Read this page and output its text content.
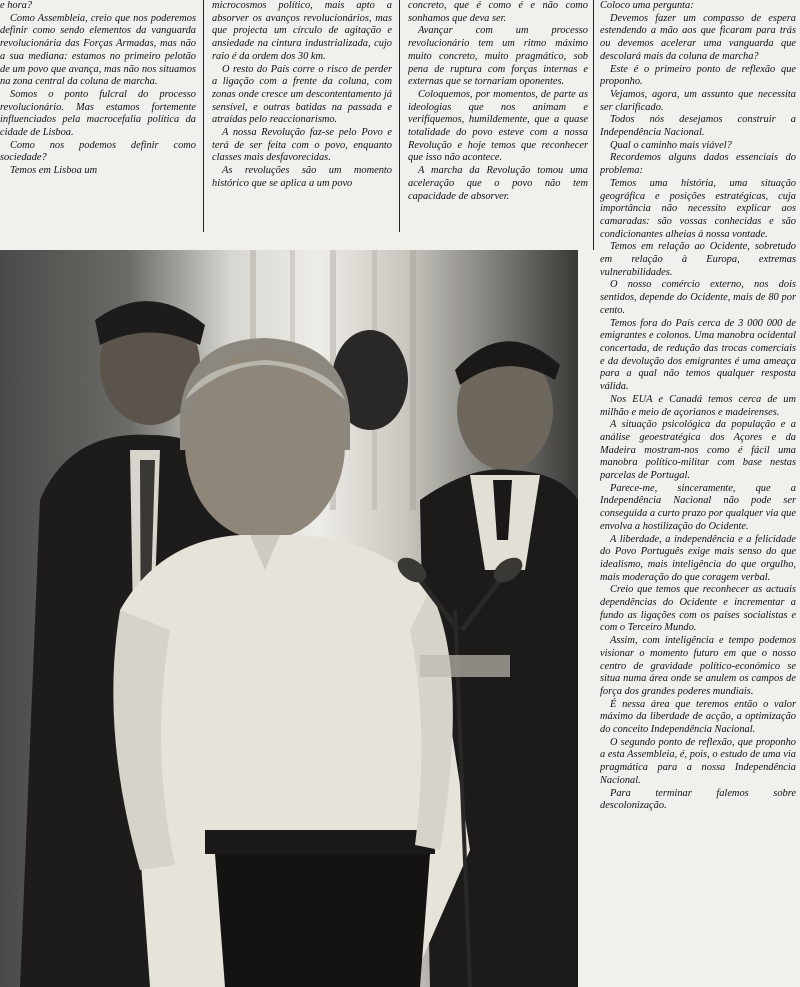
e hora?

Como Assembleia, creio que nos poderemos definir como sendo elementos da vanguarda revolucionária das Forças Armadas, mas não a sua mediana: estamos no primeiro pelotão de um povo que avança, mas não nos situamos na zona central da coluna de marcha.

Somos o ponto fulcral do processo revolucionário. Mas estamos fortemente influenciados pela macrocefalia política da cidade de Lisboa.

Como nos podemos definir como sociedade?

Temos em Lisboa um

microcosmos político, mais apto a absorver os avanços revolucionários, mas que projecta um círculo de agitação e ansiedade na cintura industrializada, cujo raio é da ordem dos 30 km.

O resto do País corre o risco de perder a ligação com a frente da coluna, com zonas onde cresce um descontentamento já sensível, e outras batidas na passada e atraídas pelo reaccionarismo.

A nossa Revolução faz-se pelo Povo e terá de ser feita com o povo, enquanto classes mais desfavorecidas.

As revoluções são um momento histórico que se aplica a um povo

concreto, que é como é e não como sonhamos que deva ser.

Avançar com um processo revolucionário tem um ritmo máximo muito concreto, muito pragmático, sob pena de ruptura com forças internas e externas que se tornariam oponentes.

Coloquemos, por momentos, de parte as ideologias que nos animam e verifiquemos, humildemente, que a quase totalidade do povo esteve com a nossa Revolução e hoje temos que reconhecer que isso não acontece.

A marcha da Revolução tomou uma aceleração que o povo não tem capacidade de absorver.

Coloco uma pergunta:

Devemos fazer um compasso de espera estendendo a mão aos que ficaram para trás ou devemos acelerar uma vanguarda que descolará mais da coluna de marcha?

Este é o primeiro ponto de reflexão que proponho.

Vejamos, agora, um assunto que necessita ser clarificado.

Todos nós desejamos construir a Independência Nacional.

Qual o caminho mais viável?

Recordemos alguns dados essenciais do problema:

Temos uma história, uma situação geográfica e posições estratégicas, cuja importância não necessito explicar aos camaradas: são vossas conhecidas e são condicionantes alheias à nossa vontade.

Temos em relação ao Ocidente, sobretudo em relação à Europa, extremas vulnerabilidades.

O nosso comércio externo, nos dois sentidos, depende do Ocidente, mais de 80 por cento.

Temos fora do País cerca de 3 000 000 de emigrantes e colonos. Uma manobra ocidental concertada, de redução das trocas comerciais e da devolução dos emigrantes é uma ameaça para a qual não temos qualquer resposta válida.

Nos EUA e Canadá temos cerca de um milhão e meio de açorianos e madeirenses.

A situação psicológica da população e a análise geoestratégica dos Açores e da Madeira mostram-nos como é fácil uma manobra político-militar com base nestas parcelas de Portugal.

Parece-me, sinceramente, que a Independência Nacional não pode ser conseguida a curto prazo por qualquer via que envolva a hostilização do Ocidente.

A liberdade, a independência e a felicidade do Povo Português exige mais senso do que idealismo, mais inteligência do que orgulho, mais moderação do que coragem verbal.

Creio que temos que reconhecer as actuais dependências do Ocidente e incrementar a fundo as ligações com os países socialistas e com o Terceiro Mundo.

Assim, com inteligência e tempo podemos visionar o momento futuro em que o nosso centro de gravidade político-económico se situa numa área onde se anulem os campos de força dos grandes poderes mundiais.

É nessa área que teremos então o valor máximo da liberdade de acção, a optimização do conceito Independência Nacional.

O segundo ponto de reflexão, que proponho a esta Assembleia, é, pois, o estudo de uma via pragmática para a nossa Independência Nacional.

Para terminar falemos sobre descolonização.
